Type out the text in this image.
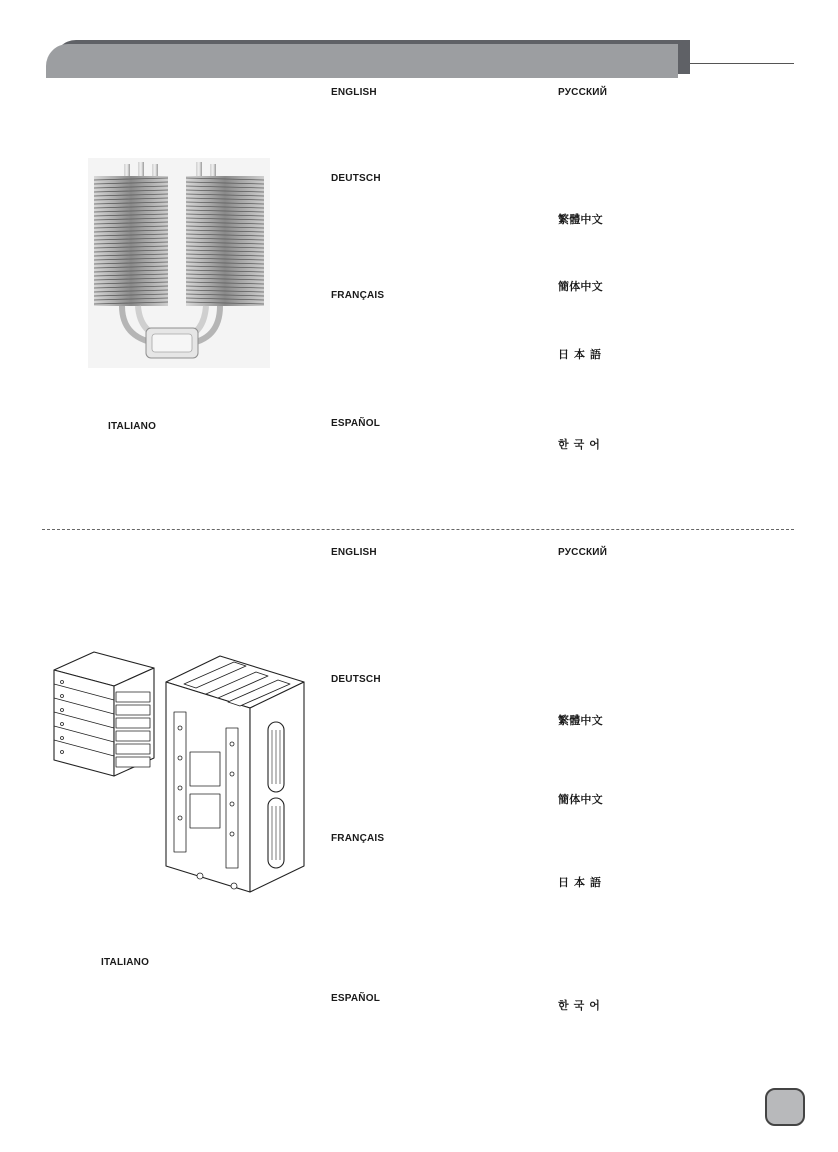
ENGLISH
DEUTSCH
FRANÇAIS
ESPAÑOL
ITALIANO
РУССКИЙ
繁體中文
簡体中文
日本語
한국어
ENGLISH
DEUTSCH
FRANÇAIS
ESPAÑOL
ITALIANO
РУССКИЙ
繁體中文
簡体中文
日本語
한국어
